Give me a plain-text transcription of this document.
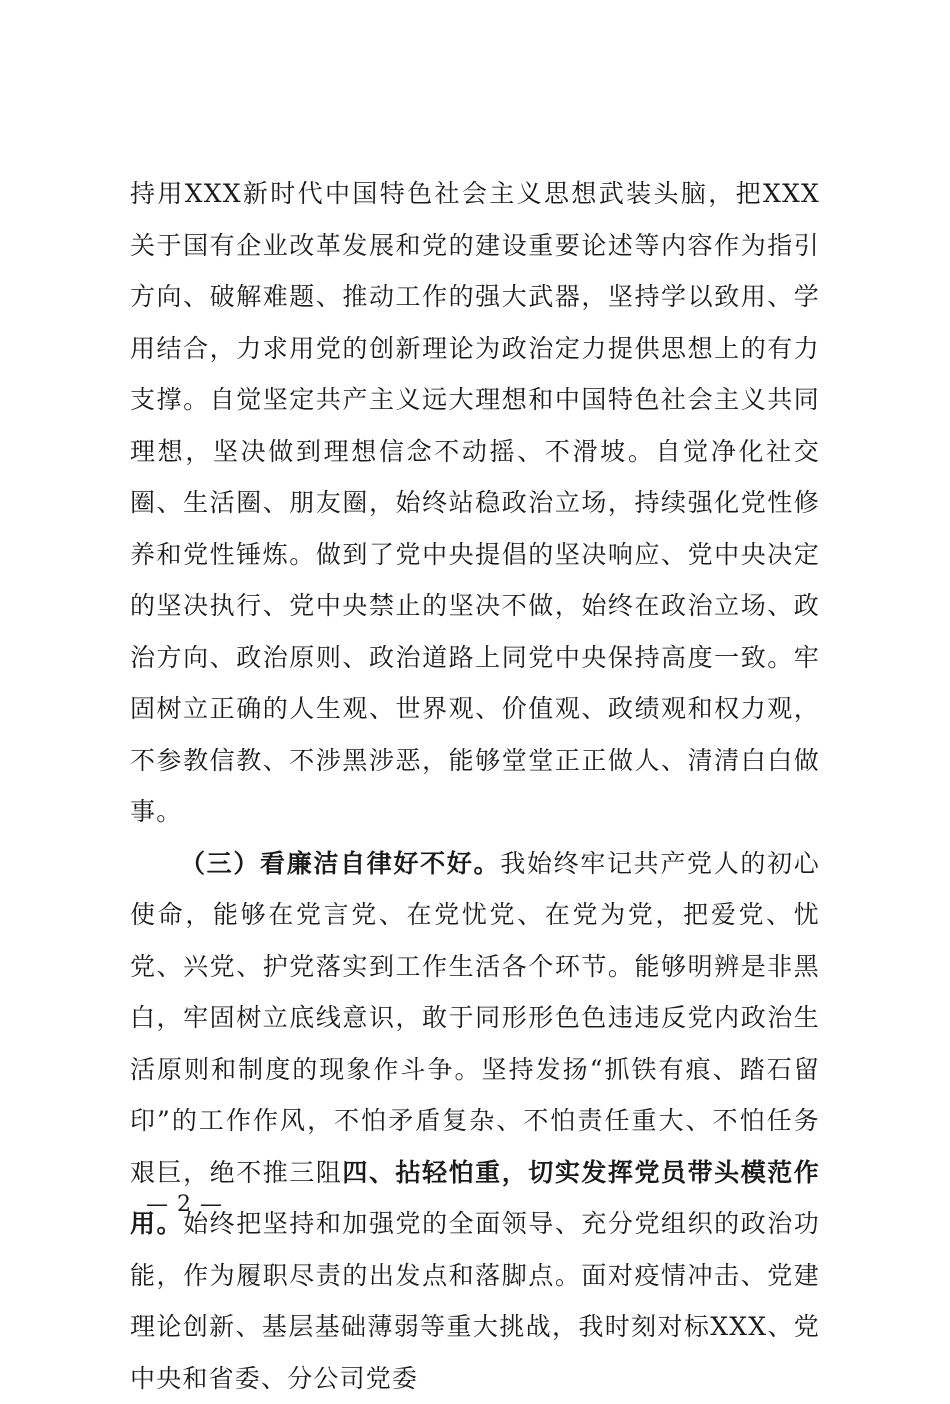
持用XXX新时代中国特色社会主义思想武装头脑，把XXX关于国有企业改革发展和党的建设重要论述等内容作为指引方向、破解难题、推动工作的强大武器，坚持学以致用、学用结合，力求用党的创新理论为政治定力提供思想上的有力支撑。自觉坚定共产主义远大理想和中国特色社会主义共同理想，坚决做到理想信念不动摇、不滑坡。自觉净化社交圈、生活圈、朋友圈，始终站稳政治立场，持续强化党性修养和党性锤炼。做到了党中央提倡的坚决响应、党中央决定的坚决执行、党中央禁止的坚决不做，始终在政治立场、政治方向、政治原则、政治道路上同党中央保持高度一致。牢固树立正确的人生观、世界观、价值观、政绩观和权力观，不参教信教、不涉黑涉恶，能够堂堂正正做人、清清白白做事。

（三）看廉洁自律好不好。我始终牢记共产党人的初心使命，能够在党言党、在党忧党、在党为党，把爱党、忧党、兴党、护党落实到工作生活各个环节。能够明辨是非黑白，牢固树立底线意识，敢于同形形色色违违反党内政治生活原则和制度的现象作斗争。坚持发扬“抓铁有痕、踏石留印”的工作作风，不怕矛盾复杂、不怕责任重大、不怕任务艰巨，绝不推三阻四、拈轻怕重，切实发挥党员带头模范作用。始终把坚持和加强党的全面领导、充分党组织的政治功能，作为履职尽责的出发点和落脚点。面对疫情冲击、党建理论创新、基层基础薄弱等重大挑战，我时刻对标XXX、党中央和省委、分公司党委

— 2 —
